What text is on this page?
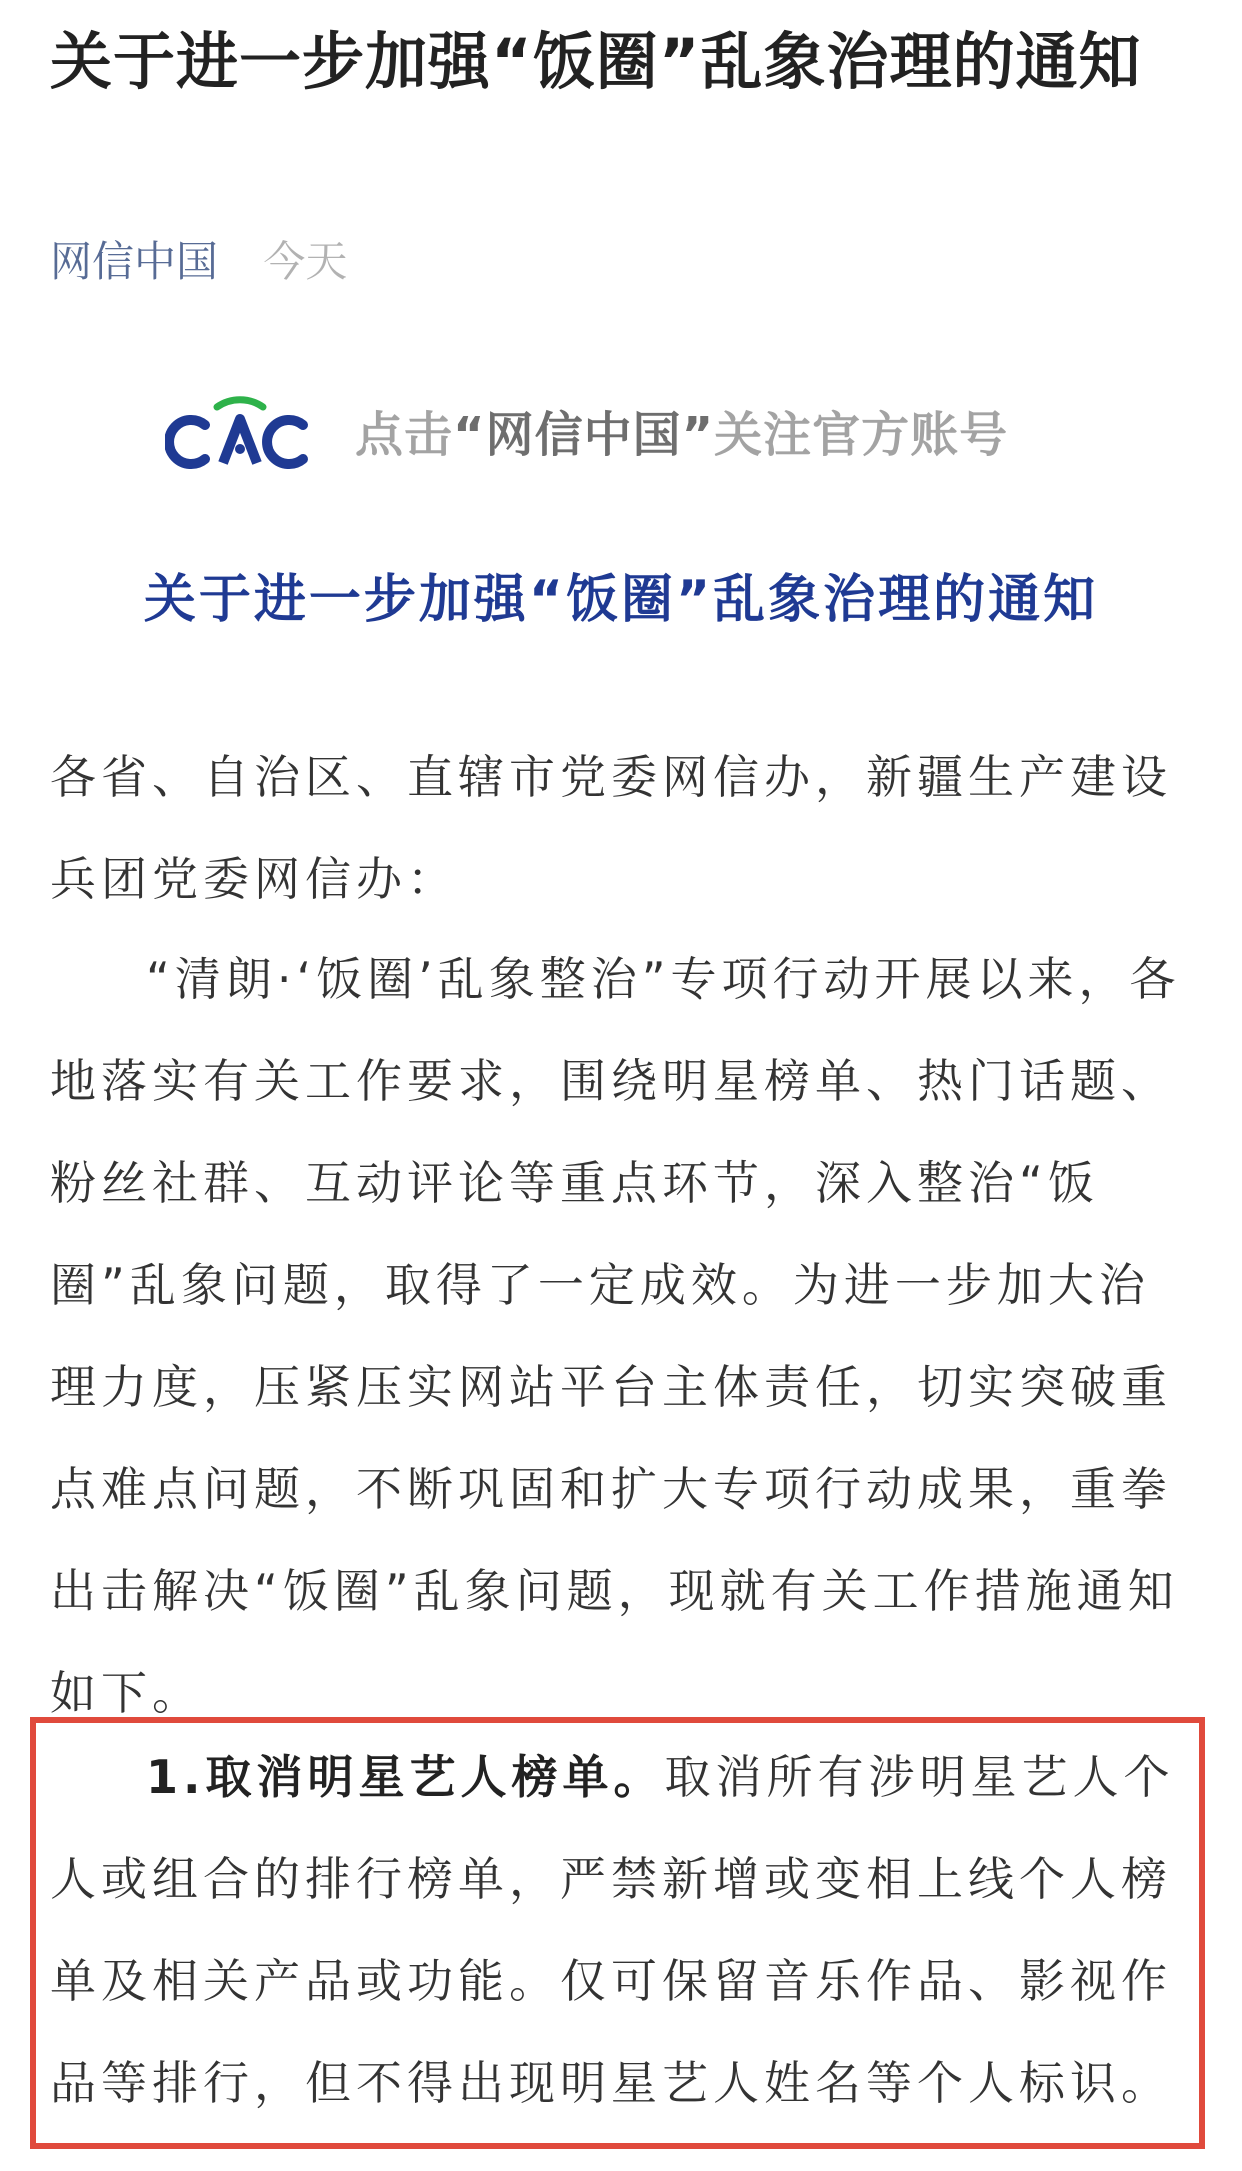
关于进一步加强“饭圈”乱象治理的通知
网信中国 今天
点击“网信中国”关注官方账号
关于进一步加强“饭圈”乱象治理的通知

各省、自治区、直辖市党委网信办，新疆生产建设兵团党委网信办：

“清朗·‘饭圈’乱象整治”专项行动开展以来，各地落实有关工作要求，围绕明星榜单、热门话题、粉丝社群、互动评论等重点环节，深入整治“饭圈”乱象问题，取得了一定成效。为进一步加大治理力度，压紧压实网站平台主体责任，切实突破重点难点问题，不断巩固和扩大专项行动成果，重拳出击解决“饭圈”乱象问题，现就有关工作措施通知如下。

1.取消明星艺人榜单。取消所有涉明星艺人个人或组合的排行榜单，严禁新增或变相上线个人榜单及相关产品或功能。仅可保留音乐作品、影视作品等排行，但不得出现明星艺人姓名等个人标识。
